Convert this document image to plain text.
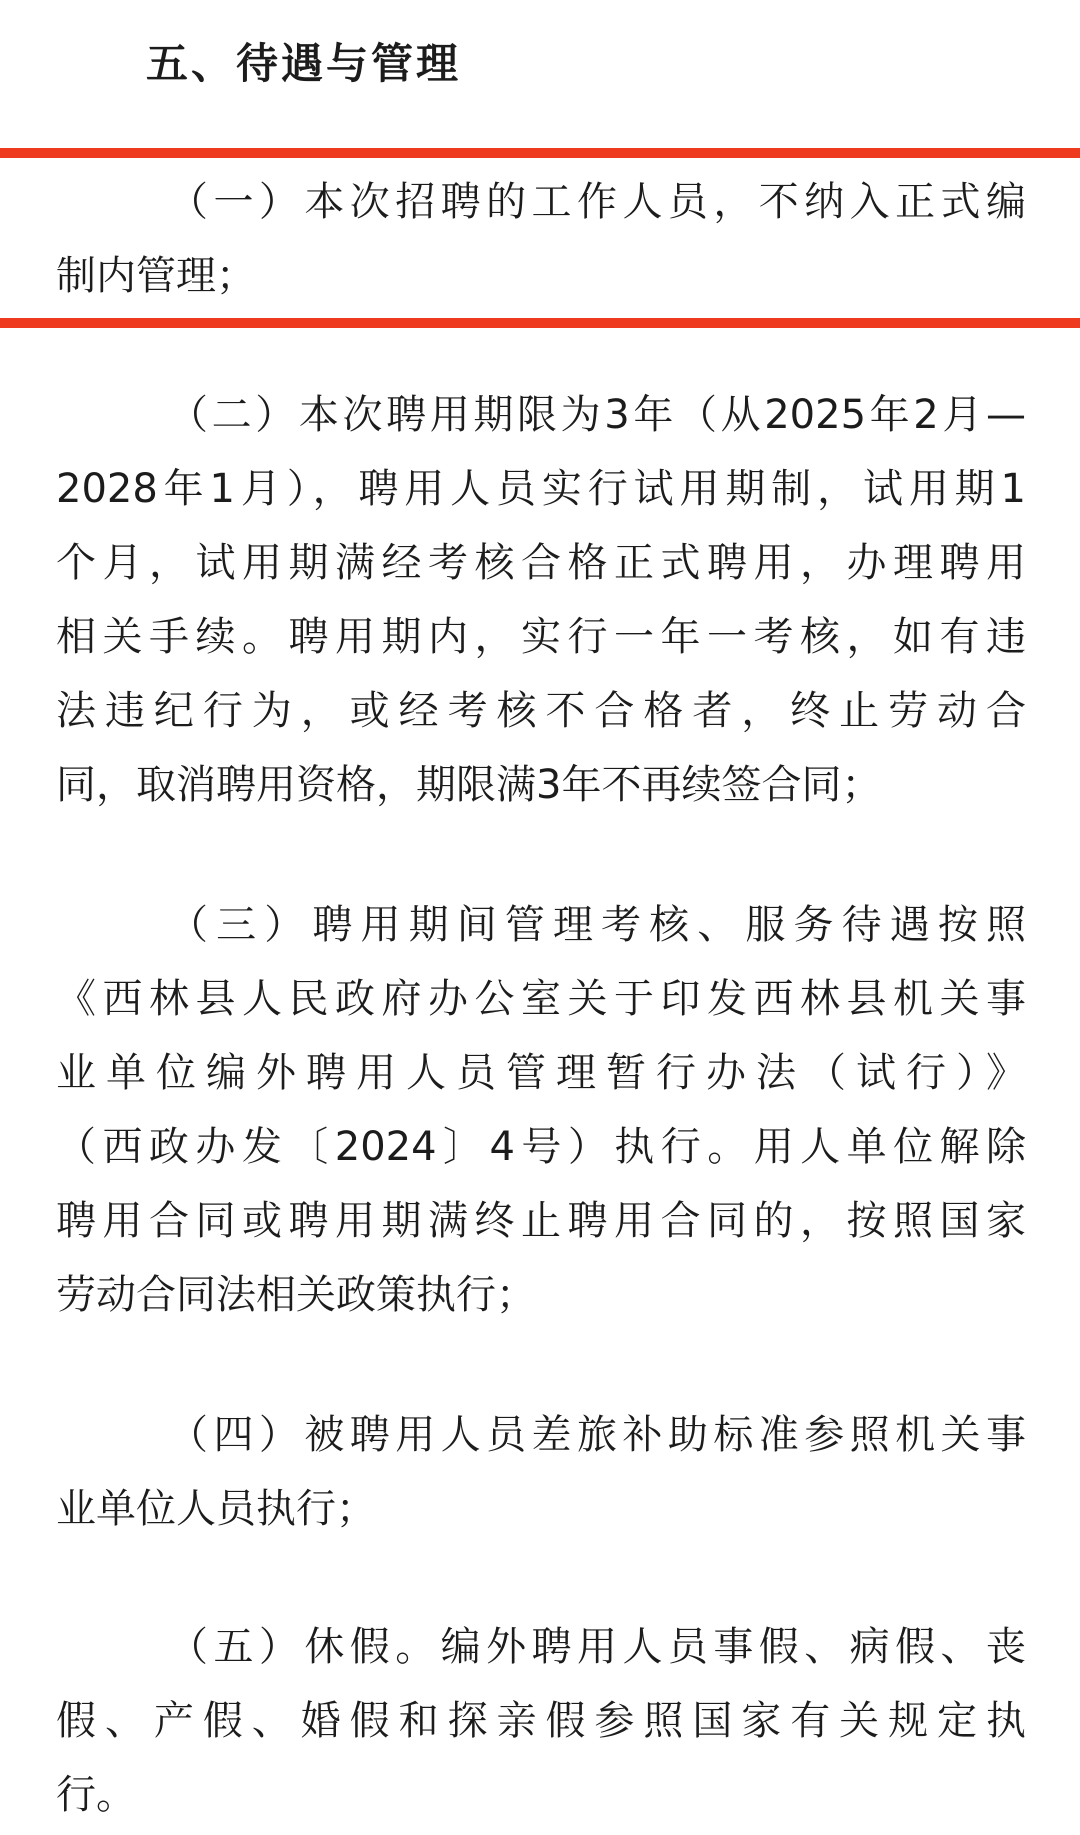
五、待遇与管理
（一）本次招聘的工作人员，不纳入正式编
制内管理；
（二）本次聘用期限为3年（从2025年2月—
2028年1月），聘用人员实行试用期制，试用期1
个月，试用期满经考核合格正式聘用，办理聘用
相关手续。聘用期内，实行一年一考核，如有违
法违纪行为，或经考核不合格者，终止劳动合
同，取消聘用资格，期限满3年不再续签合同；
（三）聘用期间管理考核、服务待遇按照
《西林县人民政府办公室关于印发西林县机关事
业单位编外聘用人员管理暂行办法（试行）》
（西政办发〔2024〕4号）执行。用人单位解除
聘用合同或聘用期满终止聘用合同的，按照国家
劳动合同法相关政策执行；
（四）被聘用人员差旅补助标准参照机关事
业单位人员执行；
（五）休假。编外聘用人员事假、病假、丧
假、产假、婚假和探亲假参照国家有关规定执
行。
